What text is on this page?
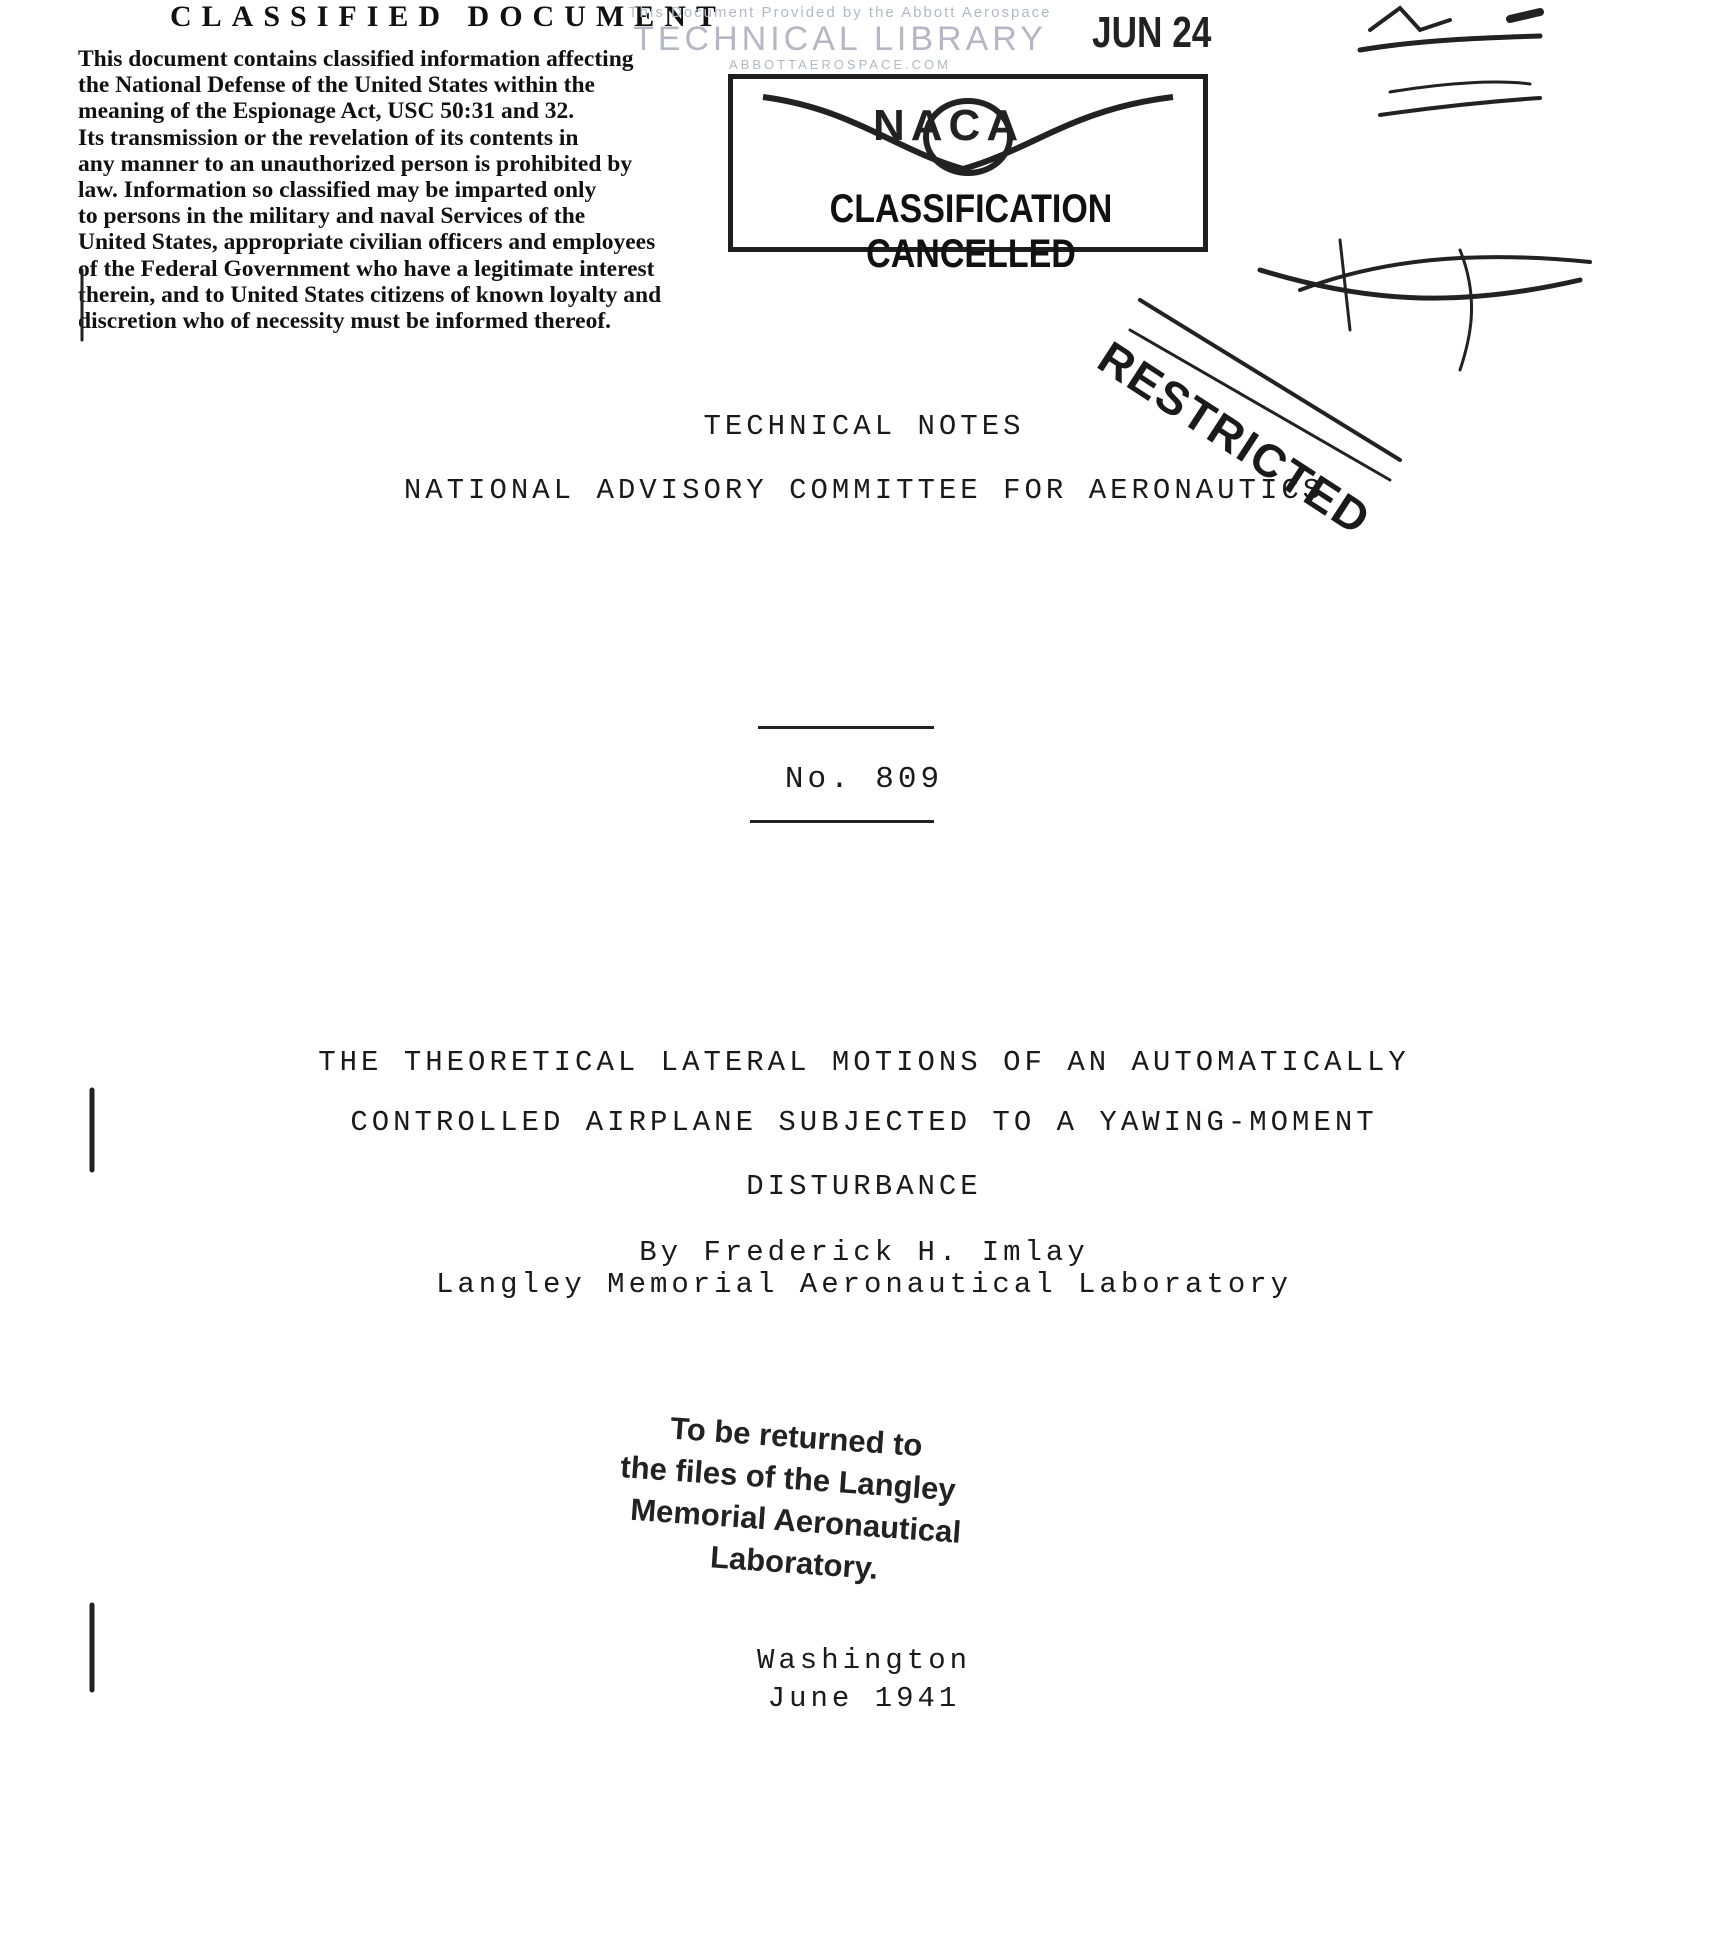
CLASSIFIED DOCUMENT
This document contains classified information affecting
the National Defense of the United States within the
meaning of the Espionage Act, USC 50:31 and 32.
Its transmission or the revelation of its contents in
any manner to an unauthorized person is prohibited by
law. Information so classified may be imparted only
to persons in the military and naval Services of the
United States, appropriate civilian officers and employees
of the Federal Government who have a legitimate interest
therein, and to United States citizens of known loyalty and
discretion who of necessity must be informed thereof.
This Document Provided by the Abbott Aerospace
TECHNICAL LIBRARY
ABBOTTAEROSPACE.COM
JUN 24
NACA
CLASSIFICATION CANCELLED
RESTRICTED
TECHNICAL NOTES
NATIONAL ADVISORY COMMITTEE FOR AERONAUTICS
No. 809
THE THEORETICAL LATERAL MOTIONS OF AN AUTOMATICALLY
CONTROLLED AIRPLANE SUBJECTED TO A YAWING-MOMENT
DISTURBANCE
By Frederick H. Imlay
Langley Memorial Aeronautical Laboratory
To be returned to
the files of the Langley
Memorial Aeronautical
Laboratory.
Washington
June 1941
